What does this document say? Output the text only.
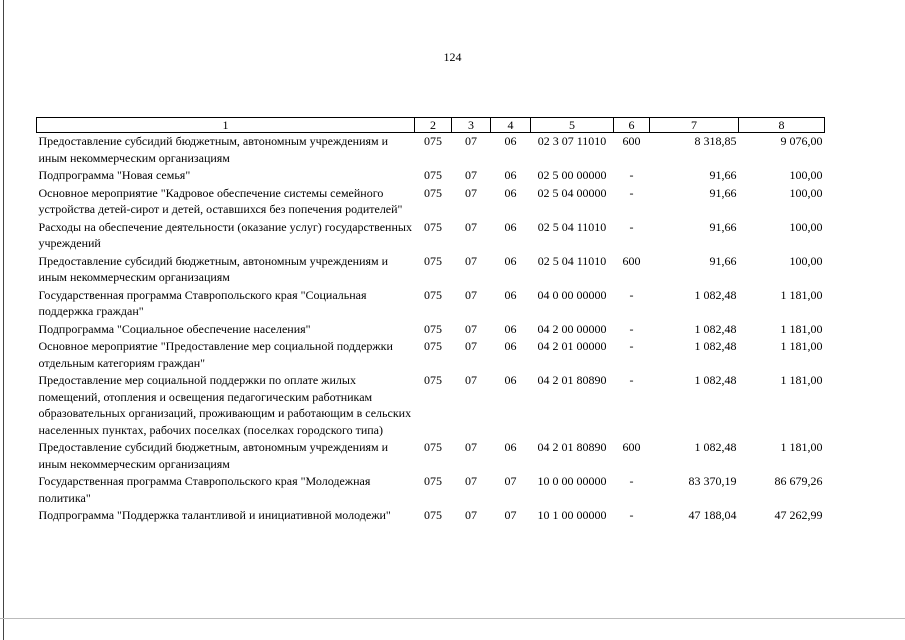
124
1	2	3	4	5	6	7	8
Предоставление субсидий бюджетным, автономным учреждениям и иным некоммерческим организациям	075	07	06	02 3 07 11010	600	8 318,85	9 076,00
Подпрограмма "Новая семья"	075	07	06	02 5 00 00000	-	91,66	100,00
Основное мероприятие "Кадровое обеспечение системы семейного устройства детей-сирот и детей, оставшихся без попечения родителей"	075	07	06	02 5 04 00000	-	91,66	100,00
Расходы на обеспечение деятельности (оказание услуг) государственных учреждений	075	07	06	02 5 04 11010	-	91,66	100,00
Предоставление субсидий бюджетным, автономным учреждениям и иным некоммерческим организациям	075	07	06	02 5 04 11010	600	91,66	100,00
Государственная программа Ставропольского края "Социальная поддержка граждан"	075	07	06	04 0 00 00000	-	1 082,48	1 181,00
Подпрограмма "Социальное обеспечение населения"	075	07	06	04 2 00 00000	-	1 082,48	1 181,00
Основное мероприятие "Предоставление мер социальной поддержки отдельным категориям граждан"	075	07	06	04 2 01 00000	-	1 082,48	1 181,00
Предоставление мер социальной поддержки по оплате жилых помещений, отопления и освещения педагогическим работникам образовательных организаций, проживающим и работающим в сельских населенных пунктах, рабочих поселках (поселках городского типа)	075	07	06	04 2 01 80890	-	1 082,48	1 181,00
Предоставление субсидий бюджетным, автономным учреждениям и иным некоммерческим организациям	075	07	06	04 2 01 80890	600	1 082,48	1 181,00
Государственная программа Ставропольского края "Молодежная политика"	075	07	07	10 0 00 00000	-	83 370,19	86 679,26
Подпрограмма "Поддержка талантливой и инициативной молодежи"	075	07	07	10 1 00 00000	-	47 188,04	47 262,99
